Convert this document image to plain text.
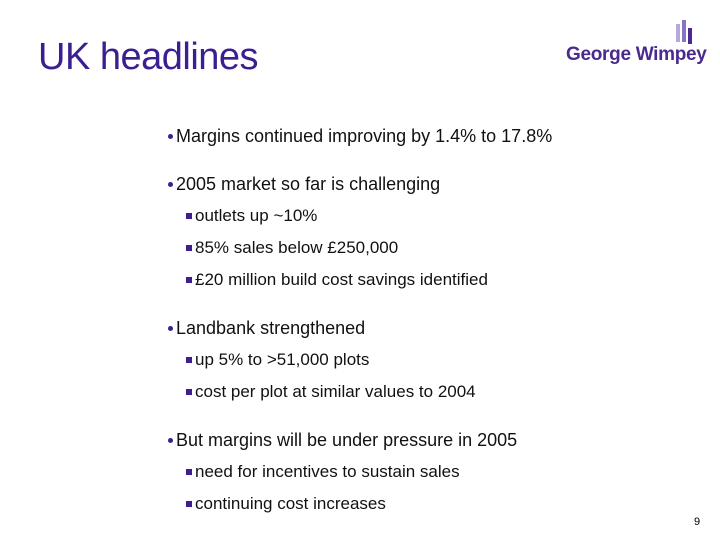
UK headlines	George Wimpey
Margins continued improving by 1.4% to 17.8%
2005 market so far is challenging
outlets up ~10%
85% sales below £250,000
£20 million build cost savings identified
Landbank strengthened
up 5% to >51,000 plots
cost per plot at similar values to 2004
But margins will be under pressure in 2005
need for incentives to sustain sales
continuing cost increases
9
